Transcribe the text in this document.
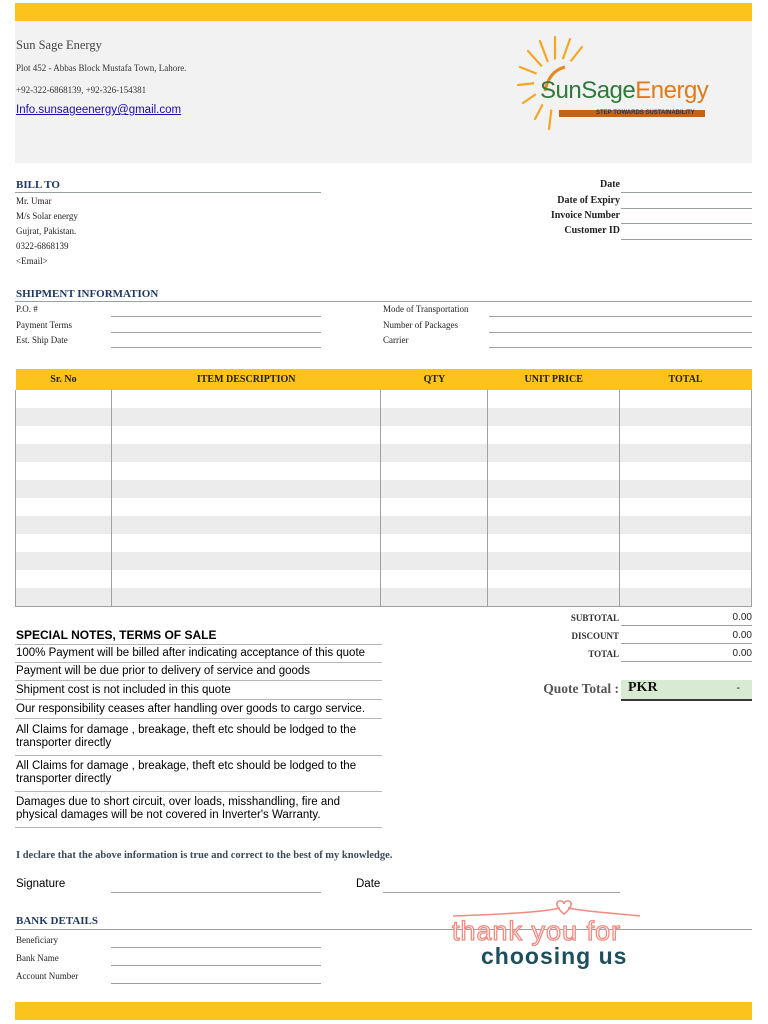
Sun Sage Energy
Plot 452 - Abbas Block Mustafa Town, Lahore.
+92-322-6868139, +92-326-154381
Info.sunsageenergy@gmail.com
SunSageEnergy
STEP TOWARDS SUSTAINABILITY
BILL TO
Mr. Umar
M/s Solar energy
Gujrat, Pakistan.
0322-6868139
<Email>
Date
Date of Expiry
Invoice Number
Customer ID
SHIPMENT INFORMATION
P.O. #
Payment Terms
Est. Ship Date
Mode of Transportation
Number of Packages
Carrier
Sr. No	ITEM DESCRIPTION	QTY	UNIT PRICE	TOTAL

SUBTOTAL	0.00
DISCOUNT	0.00
TOTAL	0.00
Quote Total : PKR	-
SPECIAL NOTES, TERMS OF SALE
100% Payment will be billed after indicating acceptance of this quote
Payment will be due prior to delivery of service and goods
Shipment cost is not included in this quote
Our responsibility ceases after handling over goods to cargo service.
All Claims for damage , breakage, theft etc should be lodged to the transporter directly
All Claims for damage , breakage, theft etc should be lodged to the transporter directly
Damages due to short circuit, over loads, misshandling, fire and physical damages will be not covered in Inverter's Warranty.
I declare that the above information is true and correct to the best of my knowledge.
Signature	Date
BANK DETAILS
Beneficiary
Bank Name
Account Number
thank you for
choosing us
